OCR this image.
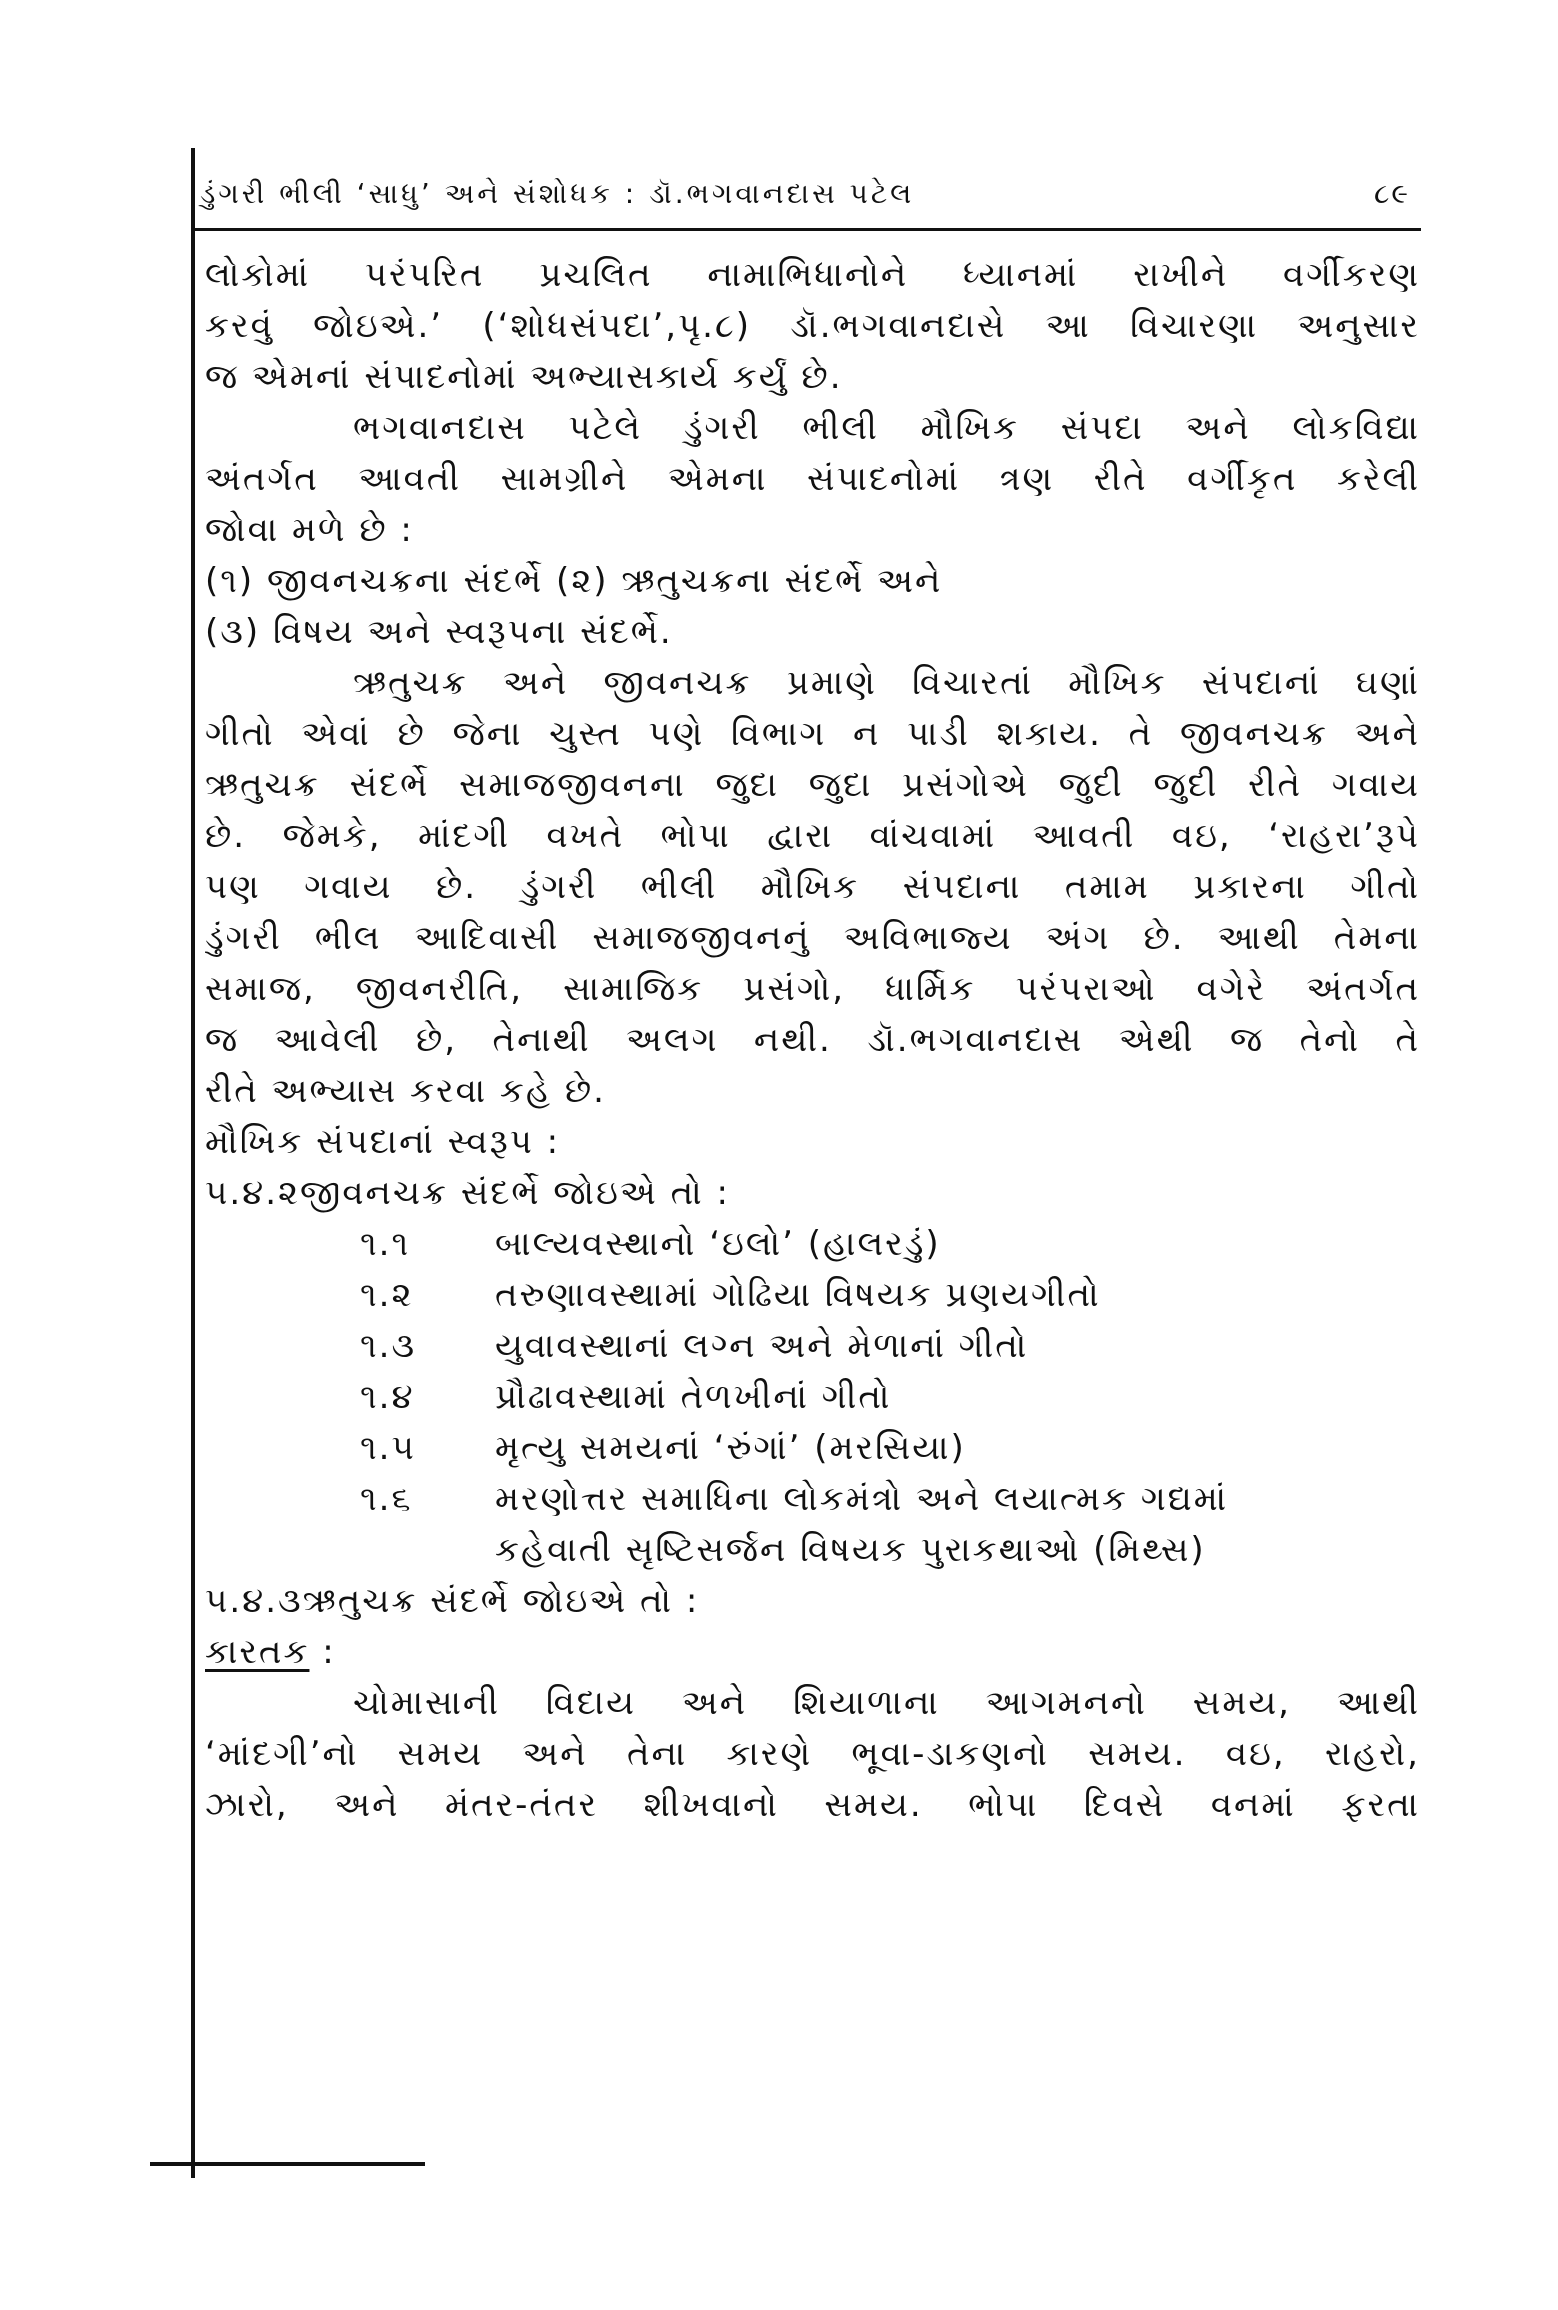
ડુંગરી ભીલી ‘સાધુ’ અને સંશોધક : ડૉ.ભગવાનદાસ પટેલ	૮૯
લોકોમાં પરંપરિત પ્રચલિત નામાભિધાનોને ધ્યાનમાં રાખીને વર્ગીકરણ
કરવું જોઇએ.’ (‘શોધસંપદા’,પૃ.૮) ડૉ.ભગવાનદાસે આ વિચારણા અનુસાર
જ એમનાં સંપાદનોમાં અભ્યાસકાર્ય કર્યું છે.
ભગવાનદાસ પટેલે ડુંગરી ભીલી મૌખિક સંપદા અને લોકવિદ્યા
અંતર્ગત આવતી સામગ્રીને એમના સંપાદનોમાં ત્રણ રીતે વર્ગીકૃત કરેલી
જોવા મળે છે :
(૧) જીવનચક્રના સંદર્ભે (૨) ઋતુચક્રના સંદર્ભે અને
(૩) વિષય અને સ્વરૂપના સંદર્ભે.
ઋતુચક્ર અને જીવનચક્ર પ્રમાણે વિચારતાં મૌખિક સંપદાનાં ઘણાં
ગીતો એવાં છે જેના ચુસ્ત પણે વિભાગ ન પાડી શકાય. તે જીવનચક્ર અને
ઋતુચક્ર સંદર્ભે સમાજજીવનના જુદા જુદા પ્રસંગોએ જુદી જુદી રીતે ગવાય
છે. જેમકે, માંદગી વખતે ભોપા દ્વારા વાંચવામાં આવતી વઇ, ‘રાહરા’રૂપે
પણ ગવાય છે. ડુંગરી ભીલી મૌખિક સંપદાના તમામ પ્રકારના ગીતો
ડુંગરી ભીલ આદિવાસી સમાજજીવનનું અવિભાજ્ય અંગ છે. આથી તેમના
સમાજ, જીવનરીતિ, સામાજિક પ્રસંગો, ધાર્મિક પરંપરાઓ વગેરે અંતર્ગત
જ આવેલી છે, તેનાથી અલગ નથી. ડૉ.ભગવાનદાસ એથી જ તેનો તે
રીતે અભ્યાસ કરવા કહે છે.
મૌખિક સંપદાનાં સ્વરૂપ :
૫.૪.૨જીવનચક્ર સંદર્ભે જોઇએ તો :
૧.૧ બાલ્યવસ્થાનો ‘ઇલો’ (હાલરડું)
૧.૨ તરુણાવસ્થામાં ગોઢિયા વિષયક પ્રણયગીતો
૧.૩ યુવાવસ્થાનાં લગ્ન અને મેળાનાં ગીતો
૧.૪ પ્રૌઢાવસ્થામાં તેળખીનાં ગીતો
૧.૫ મૃત્યુ સમયનાં ‘રુંગાં’ (મરસિયા)
૧.૬ મરણોત્તર સમાધિના લોકમંત્રો અને લયાત્મક ગદ્યમાં
કહેવાતી સૃષ્ટિસર્જન વિષયક પુરાકથાઓ (મિથ્સ)
૫.૪.૩ઋતુચક્ર સંદર્ભે જોઇએ તો :
કારતક :
ચોમાસાની વિદાય અને શિયાળાના આગમનનો સમય, આથી
‘માંદગી’નો સમય અને તેના કારણે ભૂવા-ડાકણનો સમય. વઇ, રાહરો,
ઝારો, અને મંતર-તંતર શીખવાનો સમય. ભોપા દિવસે વનમાં ફરતા
